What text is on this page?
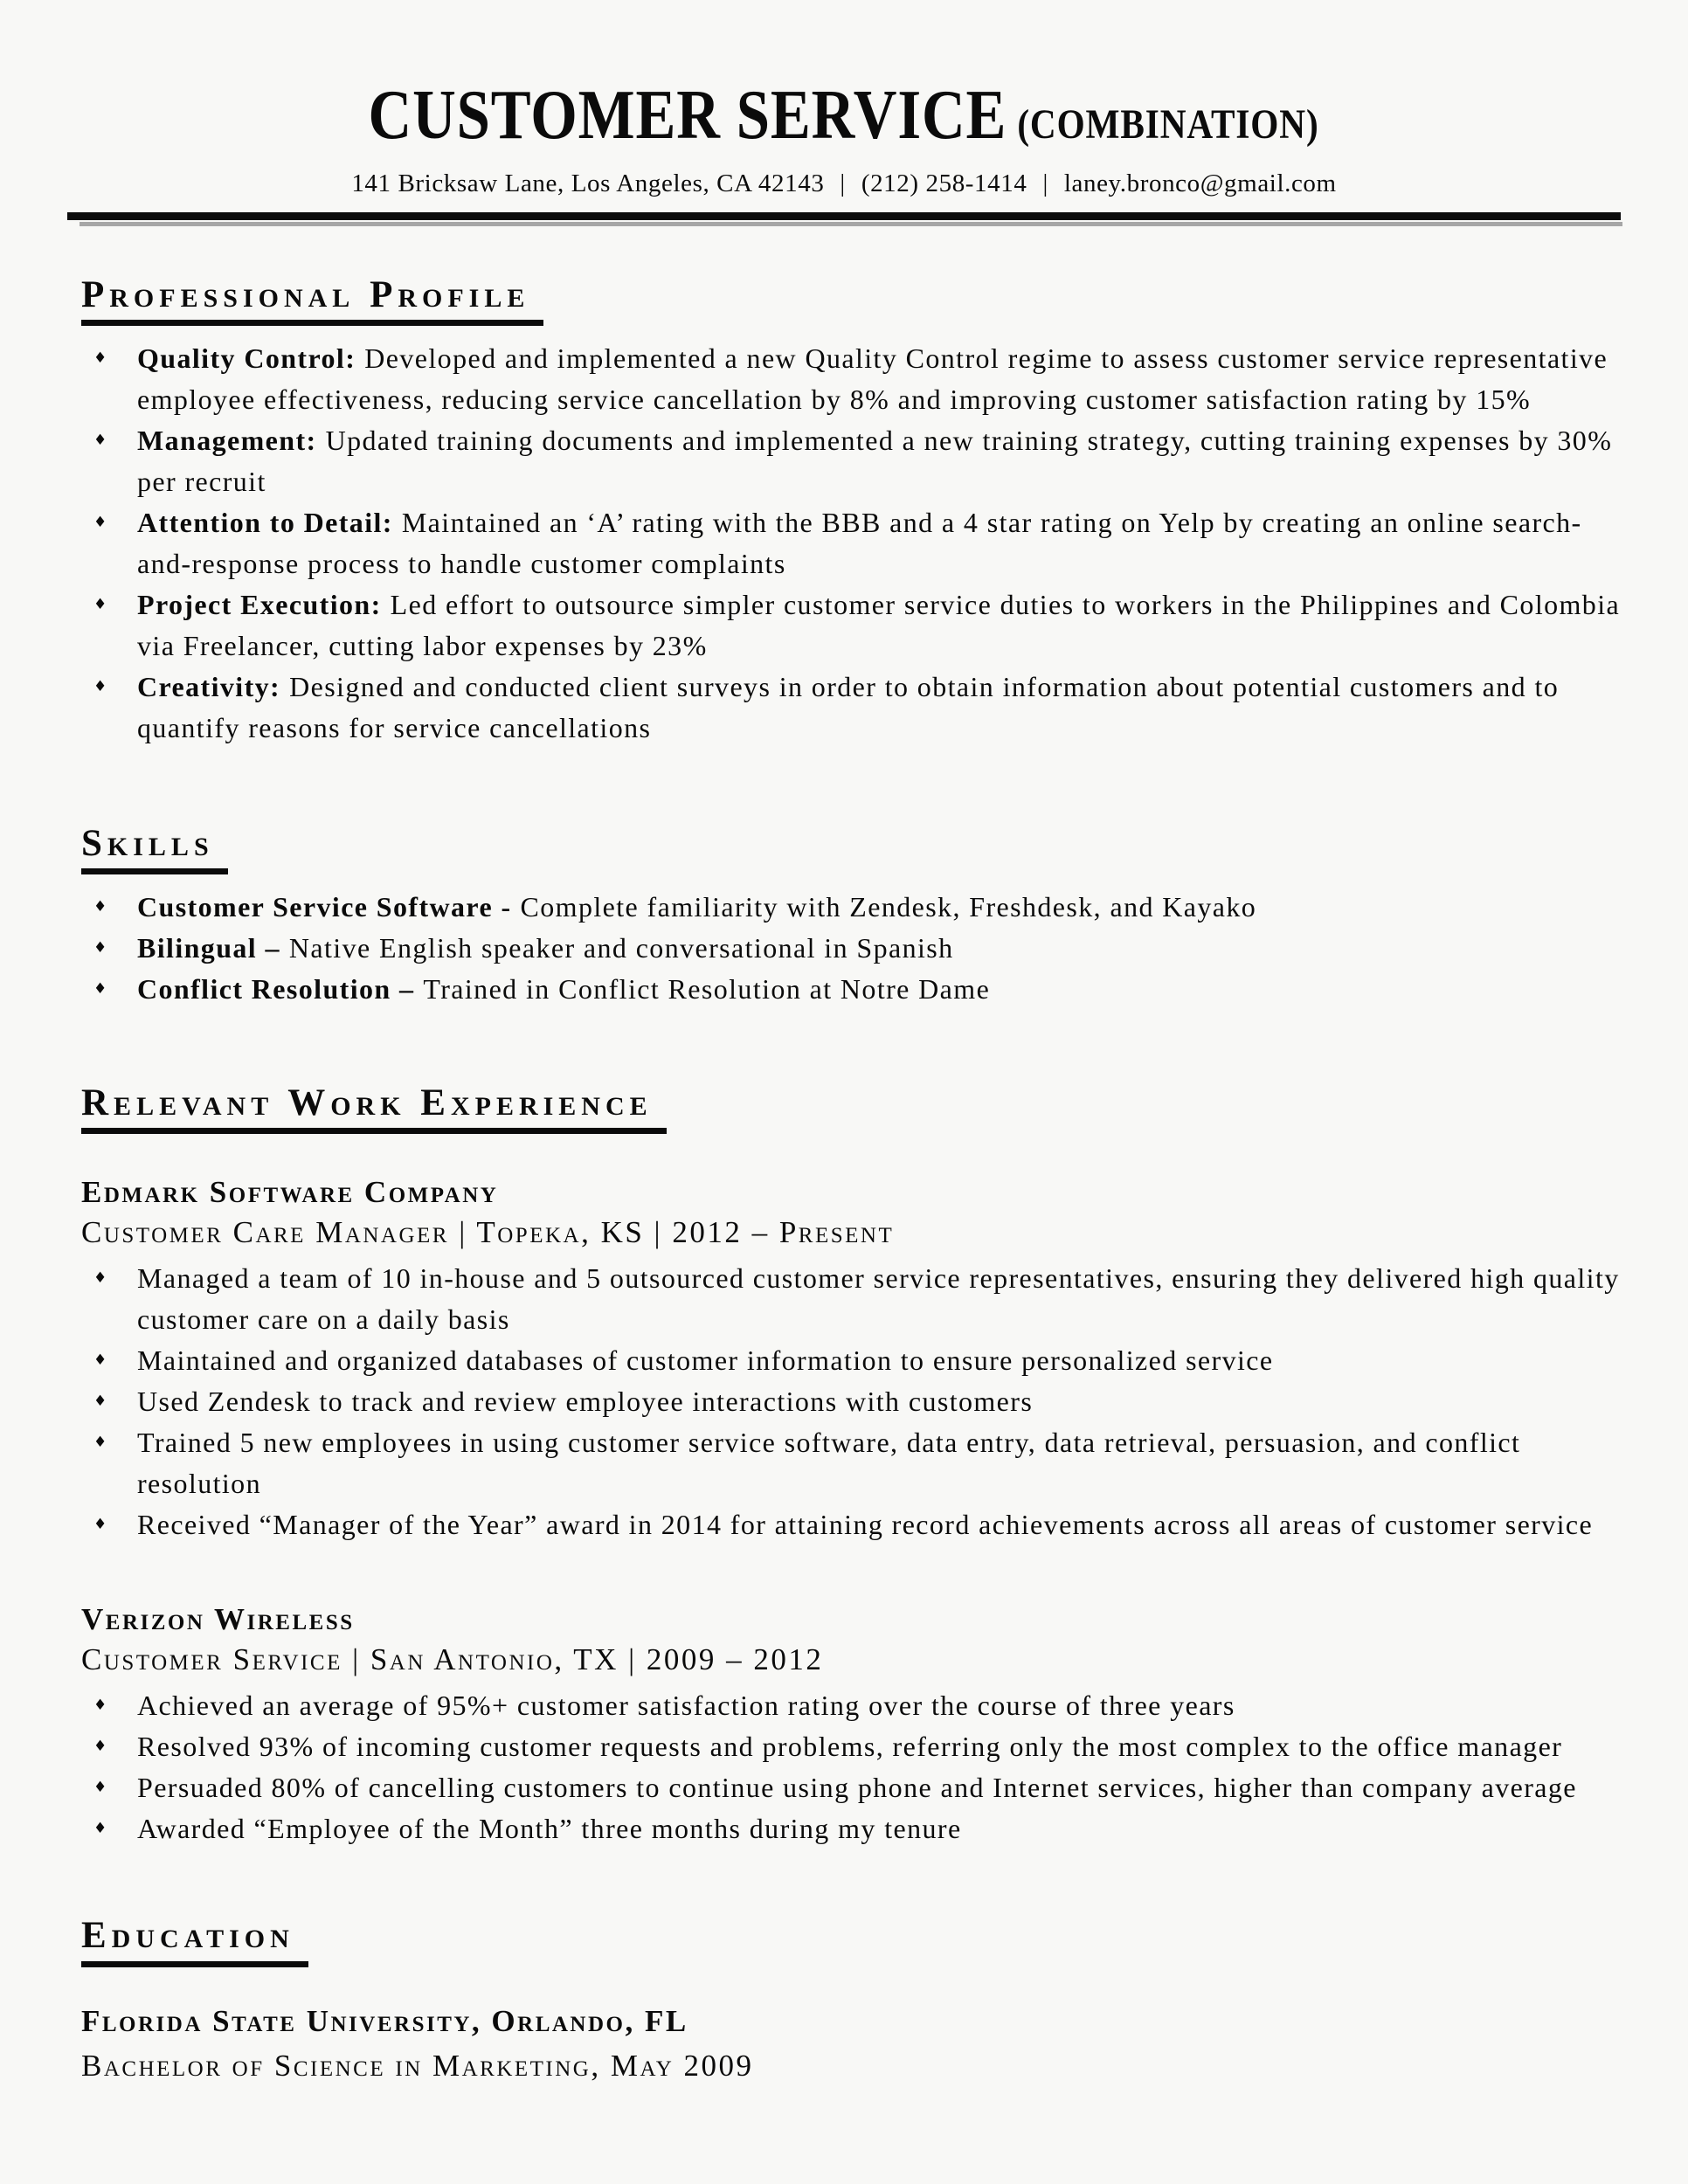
CUSTOMER SERVICE (COMBINATION)
141 Bricksaw Lane, Los Angeles, CA 42143 | (212) 258-1414 | laney.bronco@gmail.com
Professional Profile
♦	Quality Control: Developed and implemented a new Quality Control regime to assess customer service representative employee effectiveness, reducing service cancellation by 8% and improving customer satisfaction rating by 15%

♦	Management: Updated training documents and implemented a new training strategy, cutting training expenses by 30% per recruit

♦	Attention to Detail: Maintained an ‘A’ rating with the BBB and a 4 star rating on Yelp by creating an online search-and-response process to handle customer complaints

♦	Project Execution: Led effort to outsource simpler customer service duties to workers in the Philippines and Colombia via Freelancer, cutting labor expenses by 23%

♦	Creativity: Designed and conducted client surveys in order to obtain information about potential customers and to quantify reasons for service cancellations

Skills
♦	Customer Service Software - Complete familiarity with Zendesk, Freshdesk, and Kayako

♦	Bilingual – Native English speaker and conversational in Spanish

♦	Conflict Resolution – Trained in Conflict Resolution at Notre Dame

Relevant Work Experience
Edmark Software Company
Customer Care Manager | Topeka, KS | 2012 – Present
♦	Managed a team of 10 in-house and 5 outsourced customer service representatives, ensuring they delivered high quality customer care on a daily basis

♦	Maintained and organized databases of customer information to ensure personalized service

♦	Used Zendesk to track and review employee interactions with customers

♦	Trained 5 new employees in using customer service software, data entry, data retrieval, persuasion, and conflict resolution

♦	Received “Manager of the Year” award in 2014 for attaining record achievements across all areas of customer service

Verizon Wireless
Customer Service | San Antonio, TX | 2009 – 2012
♦	Achieved an average of 95%+ customer satisfaction rating over the course of three years

♦	Resolved 93% of incoming customer requests and problems, referring only the most complex to the office manager

♦	Persuaded 80% of cancelling customers to continue using phone and Internet services, higher than company average

♦	Awarded “Employee of the Month” three months during my tenure

Education
Florida State University, Orlando, FL
Bachelor of Science in Marketing, May 2009
